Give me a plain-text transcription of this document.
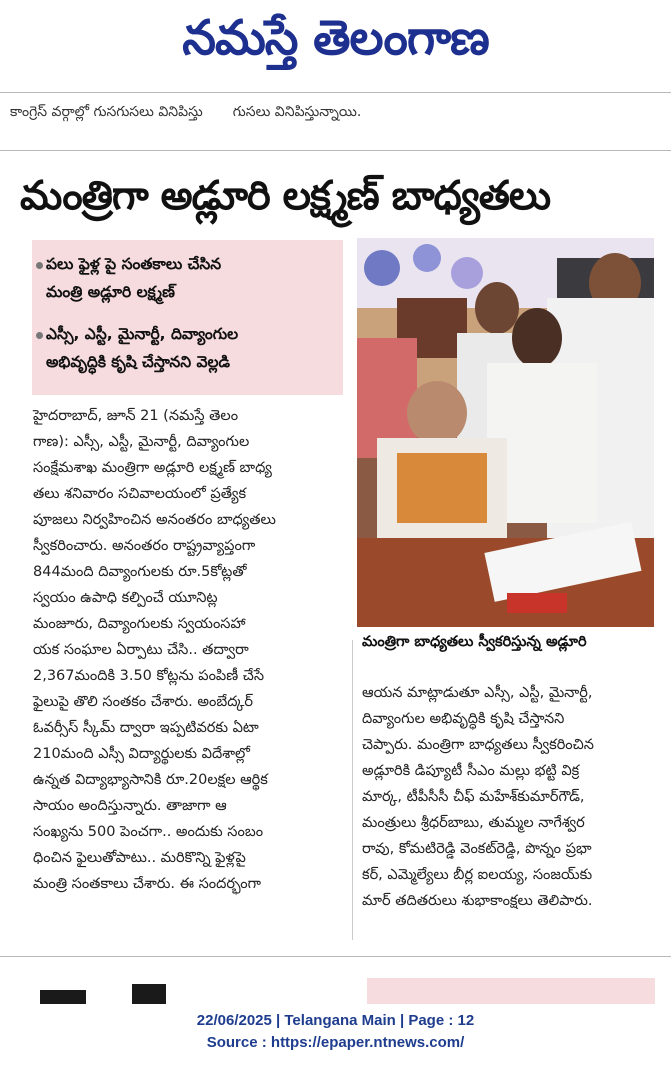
నమస్తే తెలంగాణ
కాంగ్రెస్ వర్గాల్లో గుసగుసలు వినిపిస్తు గుసలు వినిపిస్తున్నాయి.
మంత్రిగా అడ్లూరి లక్ష్మణ్ బాధ్యతలు
పలు ఫైళ్ల పై సంతకాలు చేసిన
మంత్రి అడ్లూరి లక్ష్మణ్
ఎస్సీ, ఎస్టీ, మైనార్టీ, దివ్యాంగుల
అభివృద్ధికి కృషి చేస్తానని వెల్లడి
మంత్రిగా బాధ్యతలు స్వీకరిస్తున్న అడ్లూరి

హైదరాబాద్, జూన్ 21 (నమస్తే తెలం

గాణ): ఎస్సీ, ఎస్టీ, మైనార్టీ, దివ్యాంగుల

సంక్షేమశాఖ మంత్రిగా అడ్లూరి లక్ష్మణ్ బాధ్య

తలు శనివారం సచివాలయంలో ప్రత్యేక

పూజలు నిర్వహించిన అనంతరం బాధ్యతలు

స్వీకరించారు. అనంతరం రాష్ట్రవ్యాప్తంగా

844మంది దివ్యాంగులకు రూ.5కోట్లతో

స్వయం ఉపాధి కల్పించే యూనిట్ల

మంజూరు, దివ్యాంగులకు స్వయంసహా

యక సంఘాల ఏర్పాటు చేసి.. తద్వారా

2,367మందికి 3.50 కోట్లను పంపిణీ చేసే

ఫైలుపై తొలి సంతకం చేశారు. అంబేద్కర్

ఓవర్సీస్ స్కీమ్ ద్వారా ఇప్పటివరకు ఏటా

210మంది ఎస్సీ విద్యార్థులకు విదేశాల్లో

ఉన్నత విద్యాభ్యాసానికి రూ.20లక్షల ఆర్థిక

సాయం అందిస్తున్నారు. తాజాగా ఆ

సంఖ్యను 500 పెంచగా.. అందుకు సంబం

ధించిన ఫైలుతోపాటు.. మరికొన్ని ఫైళ్లపై

మంత్రి సంతకాలు చేశారు. ఈ సందర్భంగా

ఆయన మాట్లాడుతూ ఎస్సీ, ఎస్టీ, మైనార్టీ,

దివ్యాంగుల అభివృద్ధికి కృషి చేస్తానని

చెప్పారు. మంత్రిగా బాధ్యతలు స్వీకరించిన

అడ్లూరికి డిప్యూటీ సీఎం మల్లు భట్టి విక్ర

మార్క, టీపీసీసీ చీఫ్ మహేశ్‌కుమార్‌గౌడ్,

మంత్రులు శ్రీధర్‌బాబు, తుమ్మల నాగేశ్వర

రావు, కోమటిరెడ్డి వెంకట్‌రెడ్డి, పొన్నం ప్రభా

కర్, ఎమ్మెల్యేలు బీర్ల ఐలయ్య, సంజయ్‌కు

మార్ తదితరులు శుభాకాంక్షలు తెలిపారు.

22/06/2025 | Telangana Main | Page : 12
Source : https://epaper.ntnews.com/
